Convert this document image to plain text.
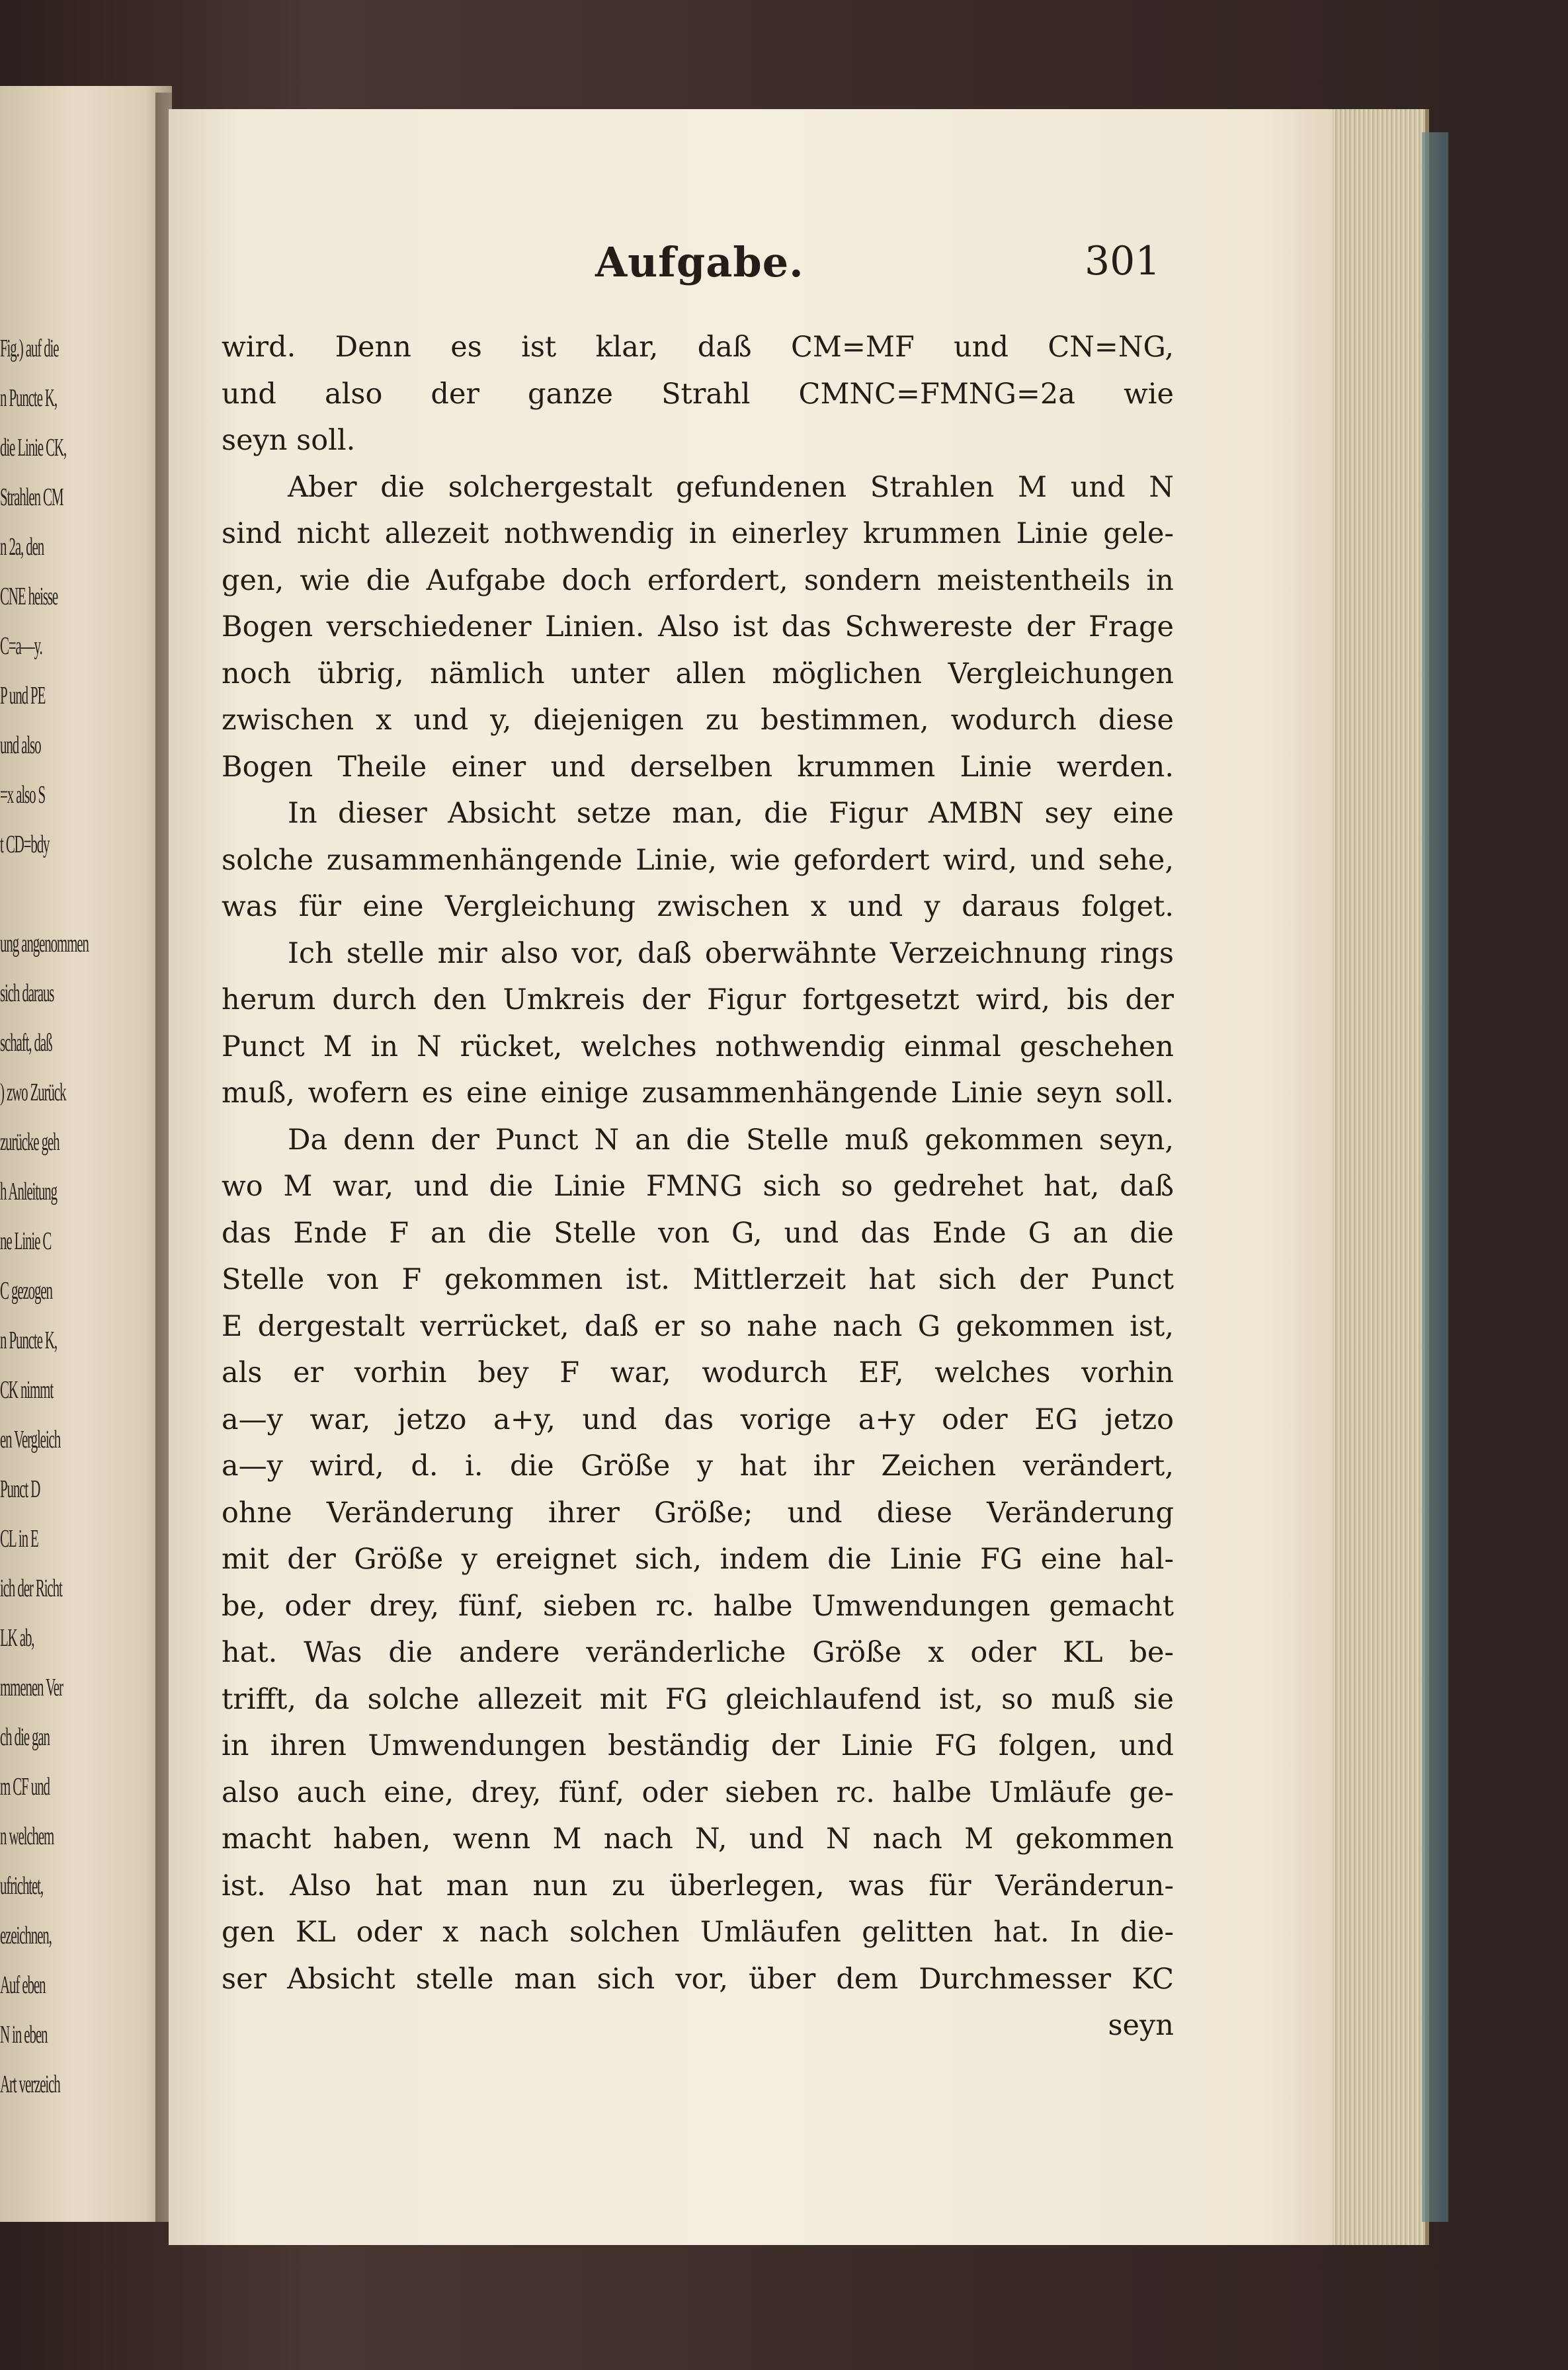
Fig.) auf die
n Puncte K,
die Linie CK,
Strahlen CM
n 2a, den
CNE heisse
C=a—y.
P und PE
und also
=x also S
t CD=bdy
ung angenommen
sich daraus
schaft, daß
) zwo Zurück
zurücke geh
h Anleitung
ne Linie C
C gezogen
n Puncte K,
CK nimmt
en Vergleich
Punct D
CL in E
ich der Richt
LK ab,
mmenen Ver
ch die gan
m CF und
n welchem
ufrichtet,
ezeichnen,
Auf eben
N in eben
Art verzeich
Aufgabe.	301
wird. Denn es ist klar, daß CM=MF und CN=NG,
und also der ganze Strahl CMNC=FMNG=2a wie
seyn soll.
Aber die solchergestalt gefundenen Strahlen M und N
sind nicht allezeit nothwendig in einerley krummen Linie gele-
gen, wie die Aufgabe doch erfordert, sondern meistentheils in
Bogen verschiedener Linien. Also ist das Schwereste der Frage
noch übrig, nämlich unter allen möglichen Vergleichungen
zwischen x und y, diejenigen zu bestimmen, wodurch diese
Bogen Theile einer und derselben krummen Linie werden.
In dieser Absicht setze man, die Figur AMBN sey eine
solche zusammenhängende Linie, wie gefordert wird, und sehe,
was für eine Vergleichung zwischen x und y daraus folget.
Ich stelle mir also vor, daß oberwähnte Verzeichnung rings
herum durch den Umkreis der Figur fortgesetzt wird, bis der
Punct M in N rücket, welches nothwendig einmal geschehen
muß, wofern es eine einige zusammenhängende Linie seyn soll.
Da denn der Punct N an die Stelle muß gekommen seyn,
wo M war, und die Linie FMNG sich so gedrehet hat, daß
das Ende F an die Stelle von G, und das Ende G an die
Stelle von F gekommen ist. Mittlerzeit hat sich der Punct
E dergestalt verrücket, daß er so nahe nach G gekommen ist,
als er vorhin bey F war, wodurch EF, welches vorhin
a—y war, jetzo a+y, und das vorige a+y oder EG jetzo
a—y wird, d. i. die Größe y hat ihr Zeichen verändert,
ohne Veränderung ihrer Größe; und diese Veränderung
mit der Größe y ereignet sich, indem die Linie FG eine hal-
be, oder drey, fünf, sieben rc. halbe Umwendungen gemacht
hat. Was die andere veränderliche Größe x oder KL be-
trifft, da solche allezeit mit FG gleichlaufend ist, so muß sie
in ihren Umwendungen beständig der Linie FG folgen, und
also auch eine, drey, fünf, oder sieben rc. halbe Umläufe ge-
macht haben, wenn M nach N, und N nach M gekommen
ist. Also hat man nun zu überlegen, was für Veränderun-
gen KL oder x nach solchen Umläufen gelitten hat. In die-
ser Absicht stelle man sich vor, über dem Durchmesser KC
seyn
